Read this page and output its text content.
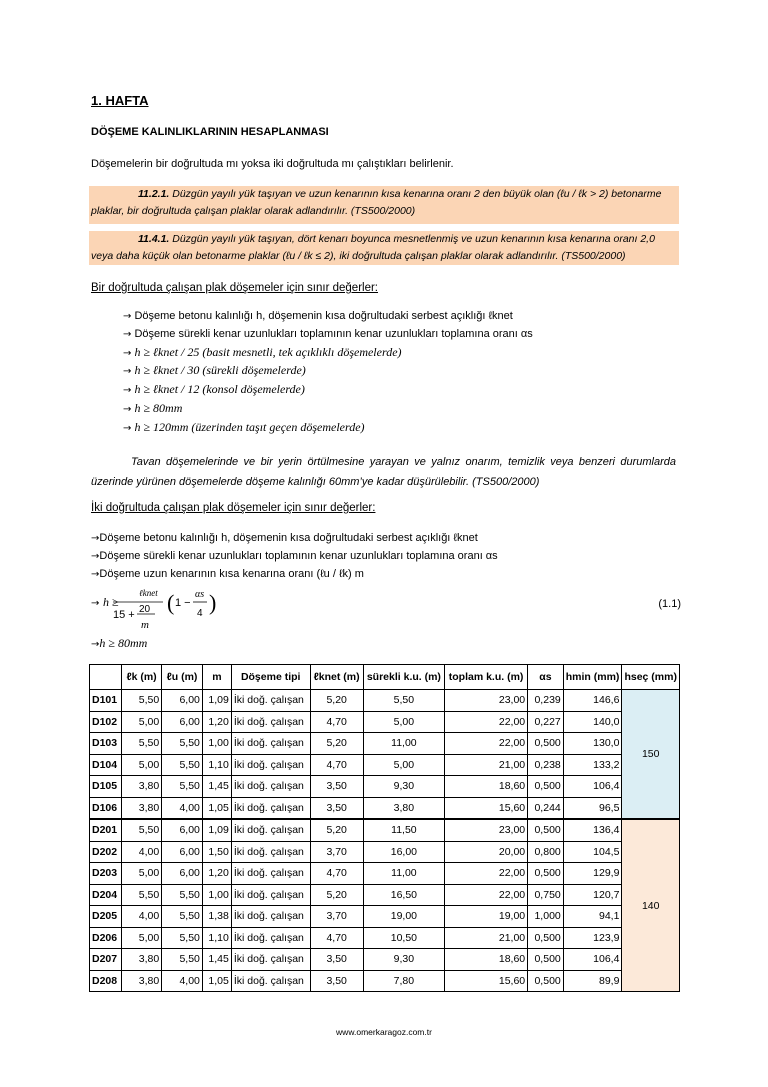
1. HAFTA
DÖŞEME KALINLIKLARININ HESAPLANMASI
Döşemelerin bir doğrultuda mı yoksa iki doğrultuda mı çalıştıkları belirlenir.
11.2.1. Düzgün yayılı yük taşıyan ve uzun kenarının kısa kenarına oranı 2 den büyük olan (ℓu / ℓk > 2) betonarme plaklar, bir doğrultuda çalışan plaklar olarak adlandırılır. (TS500/2000)
11.4.1. Düzgün yayılı yük taşıyan, dört kenarı boyunca mesnetlenmiş ve uzun kenarının kısa kenarına oranı 2,0 veya daha küçük olan betonarme plaklar (ℓu / ℓk ≤ 2), iki doğrultuda çalışan plaklar olarak adlandırılır. (TS500/2000)
Bir doğrultuda çalışan plak döşemeler için sınır değerler:
→ Döşeme betonu kalınlığı h, döşemenin kısa doğrultudaki serbest açıklığı ℓknet
→ Döşeme sürekli kenar uzunlukları toplamının kenar uzunlukları toplamına oranı αs
→ h ≥ ℓknet / 25 (basit mesnetli, tek açıklıklı döşemelerde)
→ h ≥ ℓknet / 30 (sürekli döşemelerde)
→ h ≥ ℓknet / 12 (konsol döşemelerde)
→ h ≥ 80mm
→ h ≥ 120mm (üzerinden taşıt geçen döşemelerde)
Tavan döşemelerinde ve bir yerin örtülmesine yarayan ve yalnız onarım, temizlik veya benzeri durumlarda üzerinde yürünen döşemelerde döşeme kalınlığı 60mm’ye kadar düşürülebilir. (TS500/2000)
İki doğrultuda çalışan plak döşemeler için sınır değerler:
→Döşeme betonu kalınlığı h, döşemenin kısa doğrultudaki serbest açıklığı ℓknet
→Döşeme sürekli kenar uzunlukları toplamının kenar uzunlukları toplamına oranı αs
→Döşeme uzun kenarının kısa kenarına oranı (ℓu / ℓk) m
→ h ≥
ℓknet
15 + 20
m
( 1 −
αs
4 )	(1.1)
→h ≥ 80mm
	ℓk (m)	ℓu (m)	m	Döşeme tipi	ℓknet (m)	sürekli k.u. (m)	toplam k.u. (m)	αs	hmin (mm)	hseç (mm)
D101	5,50	6,00	1,09	İki doğ. çalışan	5,20	5,50	23,00	0,239	146,6	150
D102	5,00	6,00	1,20	İki doğ. çalışan	4,70	5,00	22,00	0,227	140,0	
D103	5,50	5,50	1,00	İki doğ. çalışan	5,20	11,00	22,00	0,500	130,0	
D104	5,00	5,50	1,10	İki doğ. çalışan	4,70	5,00	21,00	0,238	133,2	
D105	3,80	5,50	1,45	İki doğ. çalışan	3,50	9,30	18,60	0,500	106,4	
D106	3,80	4,00	1,05	İki doğ. çalışan	3,50	3,80	15,60	0,244	96,5	
D201	5,50	6,00	1,09	İki doğ. çalışan	5,20	11,50	23,00	0,500	136,4	140
D202	4,00	6,00	1,50	İki doğ. çalışan	3,70	16,00	20,00	0,800	104,5	
D203	5,00	6,00	1,20	İki doğ. çalışan	4,70	11,00	22,00	0,500	129,9	
D204	5,50	5,50	1,00	İki doğ. çalışan	5,20	16,50	22,00	0,750	120,7	
D205	4,00	5,50	1,38	İki doğ. çalışan	3,70	19,00	19,00	1,000	94,1	
D206	5,00	5,50	1,10	İki doğ. çalışan	4,70	10,50	21,00	0,500	123,9	
D207	3,80	5,50	1,45	İki doğ. çalışan	3,50	9,30	18,60	0,500	106,4	
D208	3,80	4,00	1,05	İki doğ. çalışan	3,50	7,80	15,60	0,500	89,9	
www.omerkaragoz.com.tr
